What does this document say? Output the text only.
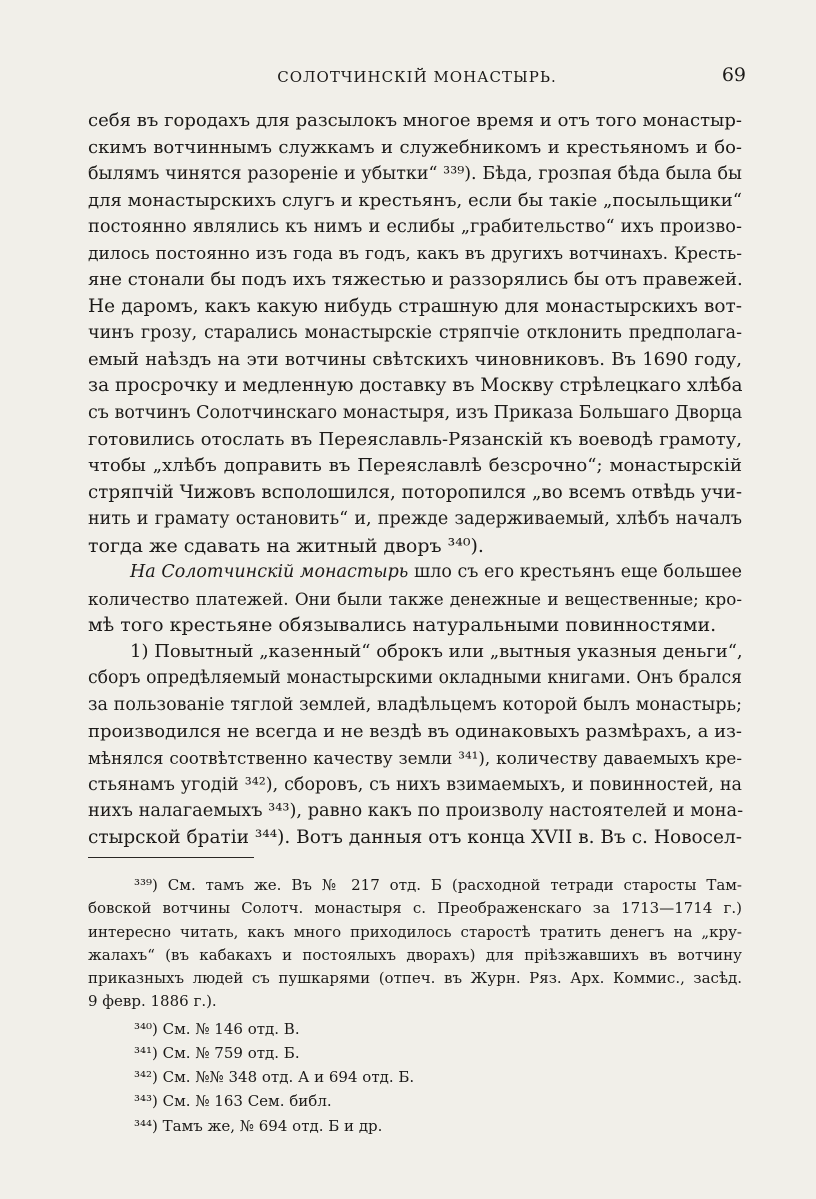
СОЛОТЧИНСКІЙ МОНАСТЫРЬ.	69
себя въ городахъ для разсылокъ многое время и отъ того монастыр-
скимъ вотчиннымъ служкамъ и служебникомъ и крестьяномъ и бо-
былямъ чинятся разореніе и убытки“ ³³⁹). Бѣда, грозпая бѣда была бы
для монастырскихъ слугъ и крестьянъ, если бы такіе „посыльщики“
постоянно являлись къ нимъ и еслибы „грабительство“ ихъ произво-
дилось постоянно изъ года въ годъ, какъ въ другихъ вотчинахъ. Кресть-
яне стонали бы подъ ихъ тяжестью и раззорялись бы отъ правежей.
Не даромъ, какъ какую нибудь страшную для монастырскихъ вот-
чинъ грозу, старались монастырскіе стряпчіе отклонить предполага-
емый наѣздъ на эти вотчины свѣтскихъ чиновниковъ. Въ 1690 году,
за просрочку и медленную доставку въ Москву стрѣлецкаго хлѣба
съ вотчинъ Солотчинскаго монастыря, изъ Приказа Большаго Дворца
готовились отослать въ Переяславль-Рязанскій къ воеводѣ грамоту,
чтобы „хлѣбъ доправить въ Переяславлѣ безсрочно“; монастырскій
стряпчій Чижовъ всполошился, поторопился „во всемъ отвѣдь учи-
нить и грамату остановить“ и, прежде задерживаемый, хлѣбъ началъ
тогда же сдавать на житный дворъ ³⁴⁰).
На Солотчинскій монастырь шло съ его крестьянъ еще большее
количество платежей. Они были также денежные и вещественные; кро-
мѣ того крестьяне обязывались натуральными повинностями.
1) Повытный „казенный“ оброкъ или „вытныя указныя деньги“,
сборъ опредѣляемый монастырскими окладными книгами. Онъ брался
за пользованіе тяглой землей, владѣльцемъ которой былъ монастырь;
производился не всегда и не вездѣ въ одинаковыхъ размѣрахъ, а из-
мѣнялся соотвѣтственно качеству земли ³⁴¹), количеству даваемыхъ кре-
стьянамъ угодій ³⁴²), сборовъ, съ нихъ взимаемыхъ, и повинностей, на
нихъ налагаемыхъ ³⁴³), равно какъ по произволу настоятелей и мона-
стырской братіи ³⁴⁴). Вотъ данныя отъ конца XVII в. Въ с. Новосел-
³³⁹) См. тамъ же. Въ № 217 отд. Б (расходной тетради старосты Там-
бовской вотчины Солотч. монастыря с. Преображенскаго за 1713—1714 г.)
интересно читать, какъ много приходилось старостѣ тратить денегъ на „кру-
жалахъ“ (въ кабакахъ и постоялыхъ дворахъ) для пріѣзжавшихъ въ вотчину
приказныхъ людей съ пушкарями (отпеч. въ Журн. Ряз. Арх. Коммис., засѣд.
9 февр. 1886 г.).
³⁴⁰) См. № 146 отд. В.
³⁴¹) См. № 759 отд. Б.
³⁴²) См. №№ 348 отд. А и 694 отд. Б.
³⁴³) См. № 163 Сем. библ.
³⁴⁴) Тамъ же, № 694 отд. Б и др.
